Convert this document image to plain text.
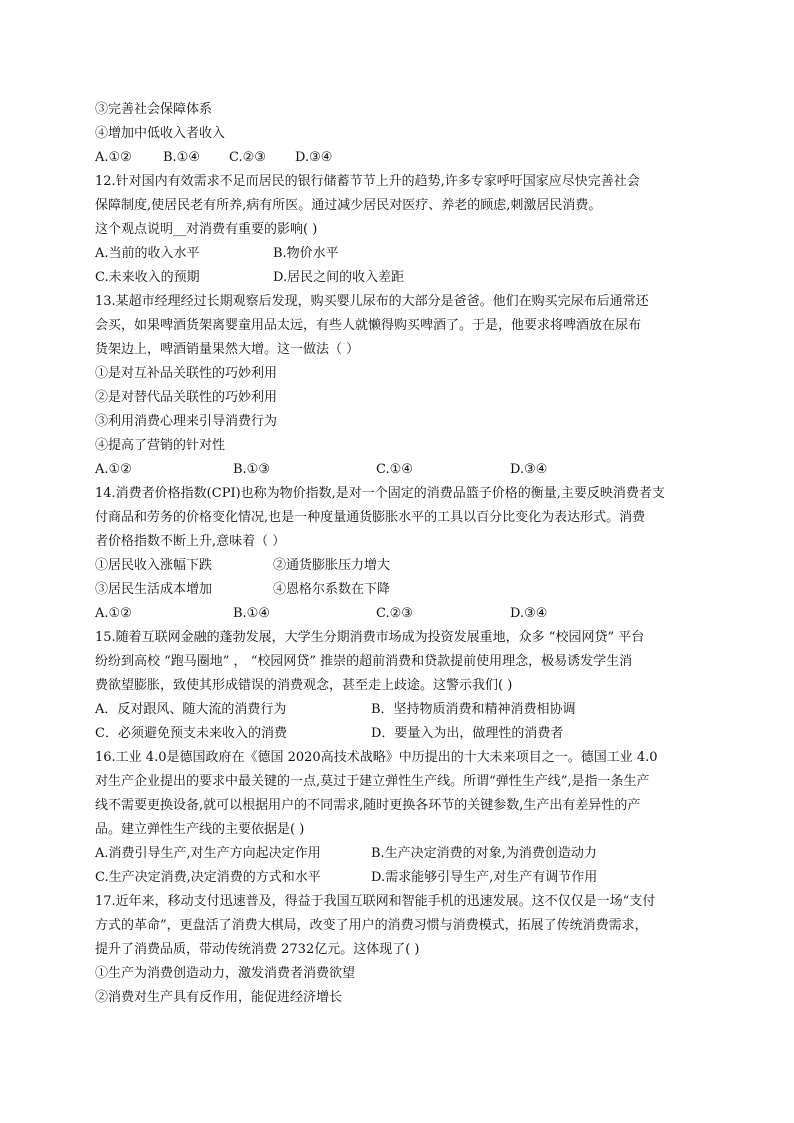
③完善社会保障体系
④增加中低收入者收入
A.①② B.①④ C.②③ D.③④
12.针对国内有效需求不足而居民的银行储蓄节节上升的趋势,许多专家呼吁国家应尽快完善社会
保障制度,使居民老有所养,病有所医。通过减少居民对医疗、养老的顾虑,刺激居民消费。
这个观点说明__对消费有重要的影响( )
A.当前的收入水平	B.物价水平
C.未来收入的预期	D.居民之间的收入差距
13.某超市经理经过长期观察后发现，购买婴儿尿布的大部分是爸爸。他们在购买完尿布后通常还
会买，如果啤酒货架离婴童用品太远，有些人就懒得购买啤酒了。于是，他要求将啤酒放在尿布
货架边上，啤酒销量果然大增。这一做法（ ）
①是对互补品关联性的巧妙利用
②是对替代品关联性的巧妙利用
③利用消费心理来引导消费行为
④提高了营销的针对性
A.①②	B.①③	C.①④	D.③④
14.消费者价格指数(CPI)也称为物价指数,是对一个固定的消费品篮子价格的衡量,主要反映消费者支
付商品和劳务的价格变化情况,也是一种度量通货膨胀水平的工具以百分比变化为表达形式。消费
者价格指数不断上升,意味着（ ）
①居民收入涨幅下跌	②通货膨胀压力增大
③居民生活成本增加	④恩格尔系数在下降
A.①②	B.①④	C.②③	D.③④
15.随着互联网金融的蓬勃发展，大学生分期消费市场成为投资发展重地，众多 “校园网贷” 平台
纷纷到高校 “跑马圈地” ， “校园网贷” 推崇的超前消费和贷款提前使用理念，极易诱发学生消
费欲望膨胀，致使其形成错误的消费观念，甚至走上歧途。这警示我们( )
A．反对跟风、随大流的消费行为	B．坚持物质消费和精神消费相协调
C．必须避免预支未来收入的消费	D．要量入为出，做理性的消费者
16.工业 4.0是德国政府在《德国 2020高技术战略》中历提出的十大未来项目之一。德国工业 4.0
对生产企业提出的要求中最关键的一点,莫过于建立弹性生产线。所谓“弹性生产线”,是指一条生产
线不需要更换设备,就可以根据用户的不同需求,随时更换各环节的关键参数,生产出有差异性的产
品。建立弹性生产线的主要依据是( )
A.消费引导生产,对生产方向起决定作用	B.生产决定消费的对象,为消费创造动力
C.生产决定消费,决定消费的方式和水平	D.需求能够引导生产,对生产有调节作用
17.近年来，移动支付迅速普及，得益于我国互联网和智能手机的迅速发展。这不仅仅是一场“支付
方式的革命”，更盘活了消费大棋局，改变了用户的消费习惯与消费模式，拓展了传统消费需求，
提升了消费品质，带动传统消费 2732亿元。这体现了( )
①生产为消费创造动力，激发消费者消费欲望
②消费对生产具有反作用，能促进经济增长
